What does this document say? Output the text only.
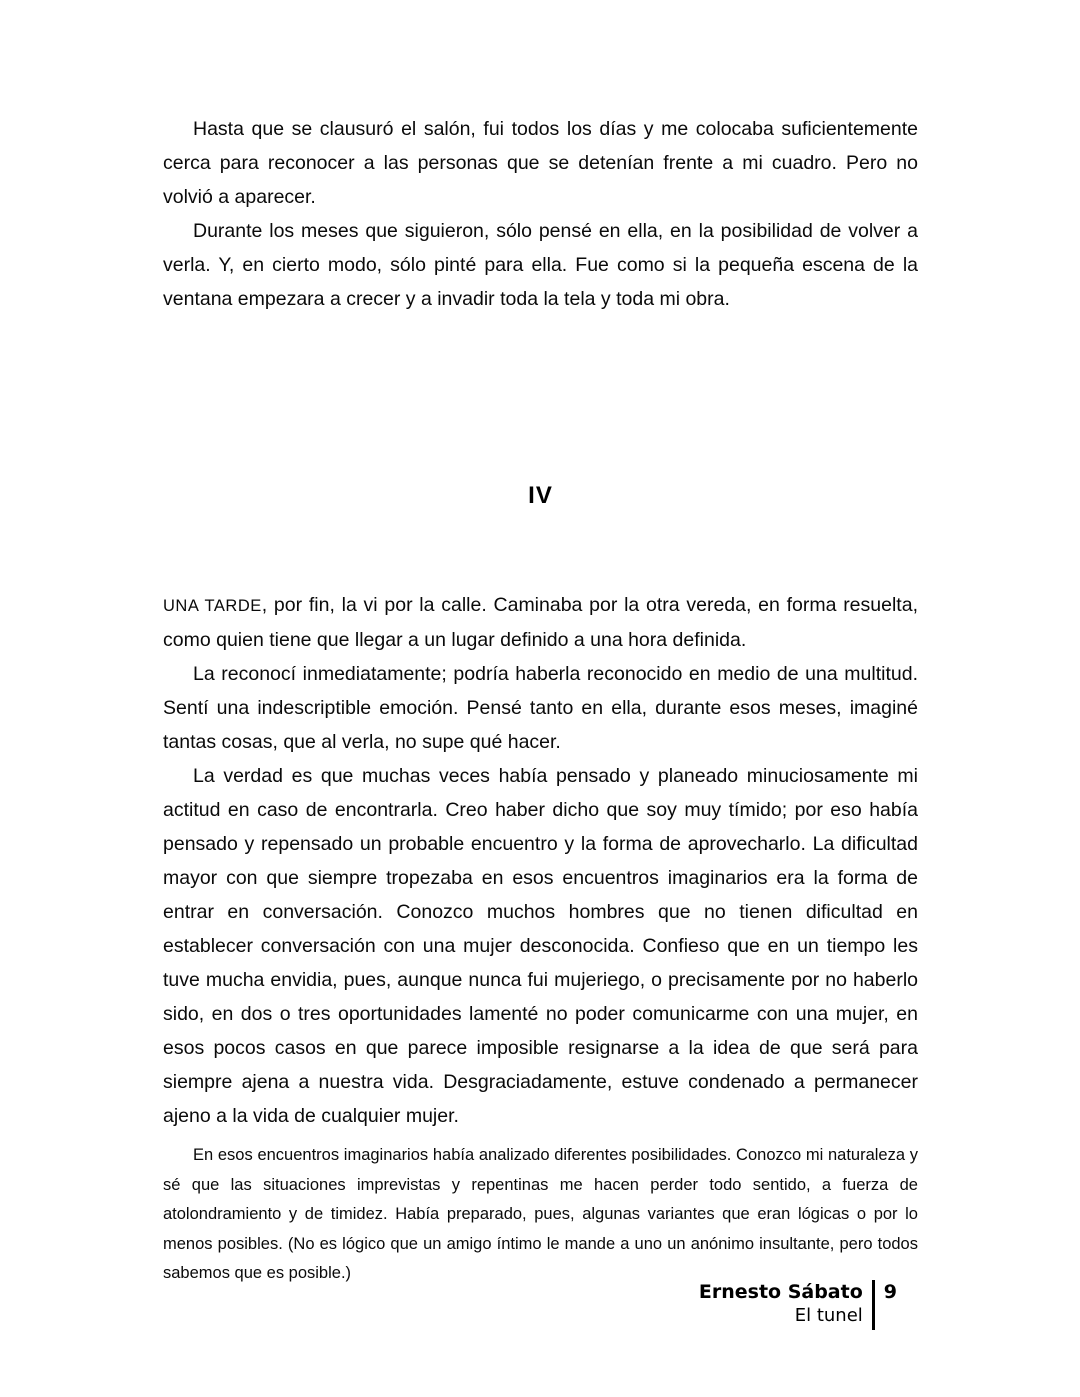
Hasta que se clausuró el salón, fui todos los días y me colocaba suficientemente cerca para reconocer a las personas que se detenían frente a mi cuadro. Pero no volvió a aparecer.

Durante los meses que siguieron, sólo pensé en ella, en la posibilidad de volver a verla. Y, en cierto modo, sólo pinté para ella. Fue como si la pequeña escena de la ventana empezara a crecer y a invadir toda la tela y toda mi obra.

IV

UNA TARDE, por fin, la vi por la calle. Caminaba por la otra vereda, en forma resuelta, como quien tiene que llegar a un lugar definido a una hora definida.

La reconocí inmediatamente; podría haberla reconocido en medio de una multitud. Sentí una indescriptible emoción. Pensé tanto en ella, durante esos meses, imaginé tantas cosas, que al verla, no supe qué hacer.

La verdad es que muchas veces había pensado y planeado minuciosamente mi actitud en caso de encontrarla. Creo haber dicho que soy muy tímido; por eso había pensado y repensado un probable encuentro y la forma de aprovecharlo. La dificultad mayor con que siempre tropezaba en esos encuentros imaginarios era la forma de entrar en conversación. Conozco muchos hombres que no tienen dificultad en establecer conversación con una mujer desconocida. Confieso que en un tiempo les tuve mucha envidia, pues, aunque nunca fui mujeriego, o precisamente por no haberlo sido, en dos o tres oportunidades lamenté no poder comunicarme con una mujer, en esos pocos casos en que parece imposible resignarse a la idea de que será para siempre ajena a nuestra vida. Desgraciadamente, estuve condenado a permanecer ajeno a la vida de cualquier mujer.

En esos encuentros imaginarios había analizado diferentes posibilidades. Conozco mi naturaleza y sé que las situaciones imprevistas y repentinas me hacen perder todo sentido, a fuerza de atolondramiento y de timidez. Había preparado, pues, algunas variantes que eran lógicas o por lo menos posibles. (No es lógico que un amigo íntimo le mande a uno un anónimo insultante, pero todos sabemos que es posible.)

Ernesto Sábato
El tunel
9
